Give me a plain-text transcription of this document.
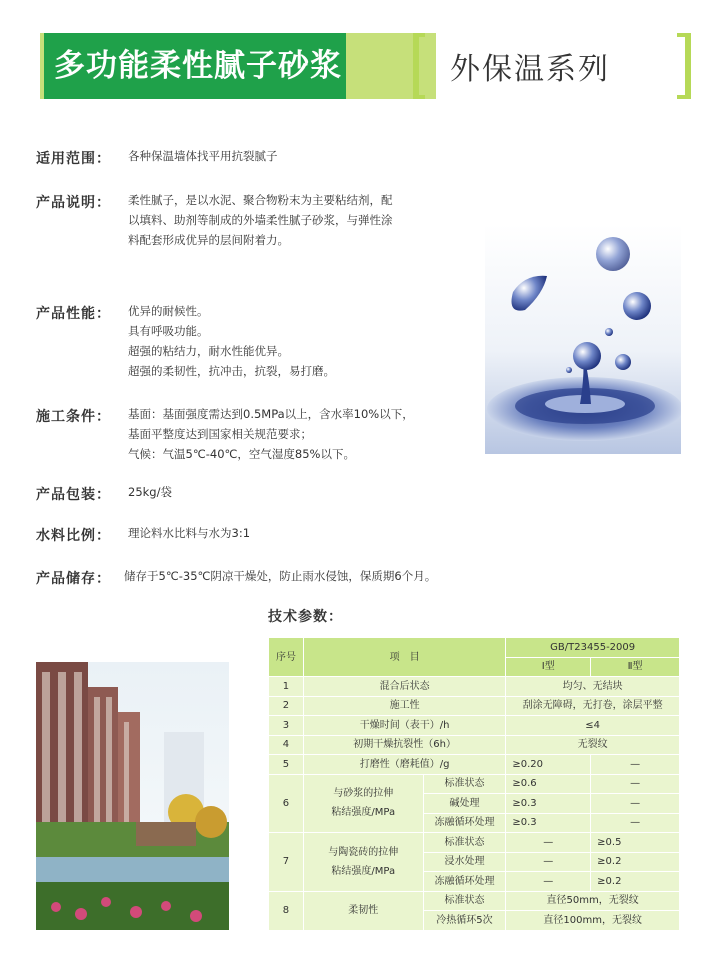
多功能柔性腻子砂浆	外保温系列
适用范围： 各种保温墙体找平用抗裂腻子
产品说明： 柔性腻子，是以水泥、聚合物粉末为主要粘结剂，配
以填料、助剂等制成的外墙柔性腻子砂浆，与弹性涂
料配套形成优异的层间附着力。
产品性能： 优异的耐候性。
具有呼吸功能。
超强的粘结力，耐水性能优异。
超强的柔韧性，抗冲击，抗裂，易打磨。
施工条件： 基面：基面强度需达到0.5MPa以上，含水率10%以下，
基面平整度达到国家相关规范要求；
气候：气温5℃-40℃，空气湿度85%以下。
产品包装： 25kg/袋
水料比例： 理论料水比料与水为3:1
产品储存： 储存于5℃-35℃阴凉干燥处，防止雨水侵蚀，保质期6个月。
技术参数：
序号	项　目		GB/T23455-2009	
			Ⅰ型	Ⅱ型
1	混合后状态		均匀、无结块	
2	施工性		刮涂无障碍，无打卷，涂层平整	
3	干燥时间（表干）/h		≤4	
4	初期干燥抗裂性（6h）		无裂纹	
5	打磨性（磨耗值）/g		≥0.20	—
6	与砂浆的拉伸
粘结强度/MPa	标准状态	≥0.6	—
		碱处理	≥0.3	—
		冻融循环处理	≥0.3	—
7	与陶瓷砖的拉伸
粘结强度/MPa	标准状态	—	≥0.5
		浸水处理	—	≥0.2
		冻融循环处理	—	≥0.2
8	柔韧性	标准状态	直径50mm，无裂纹	
		冷热循环5次	直径100mm，无裂纹	
